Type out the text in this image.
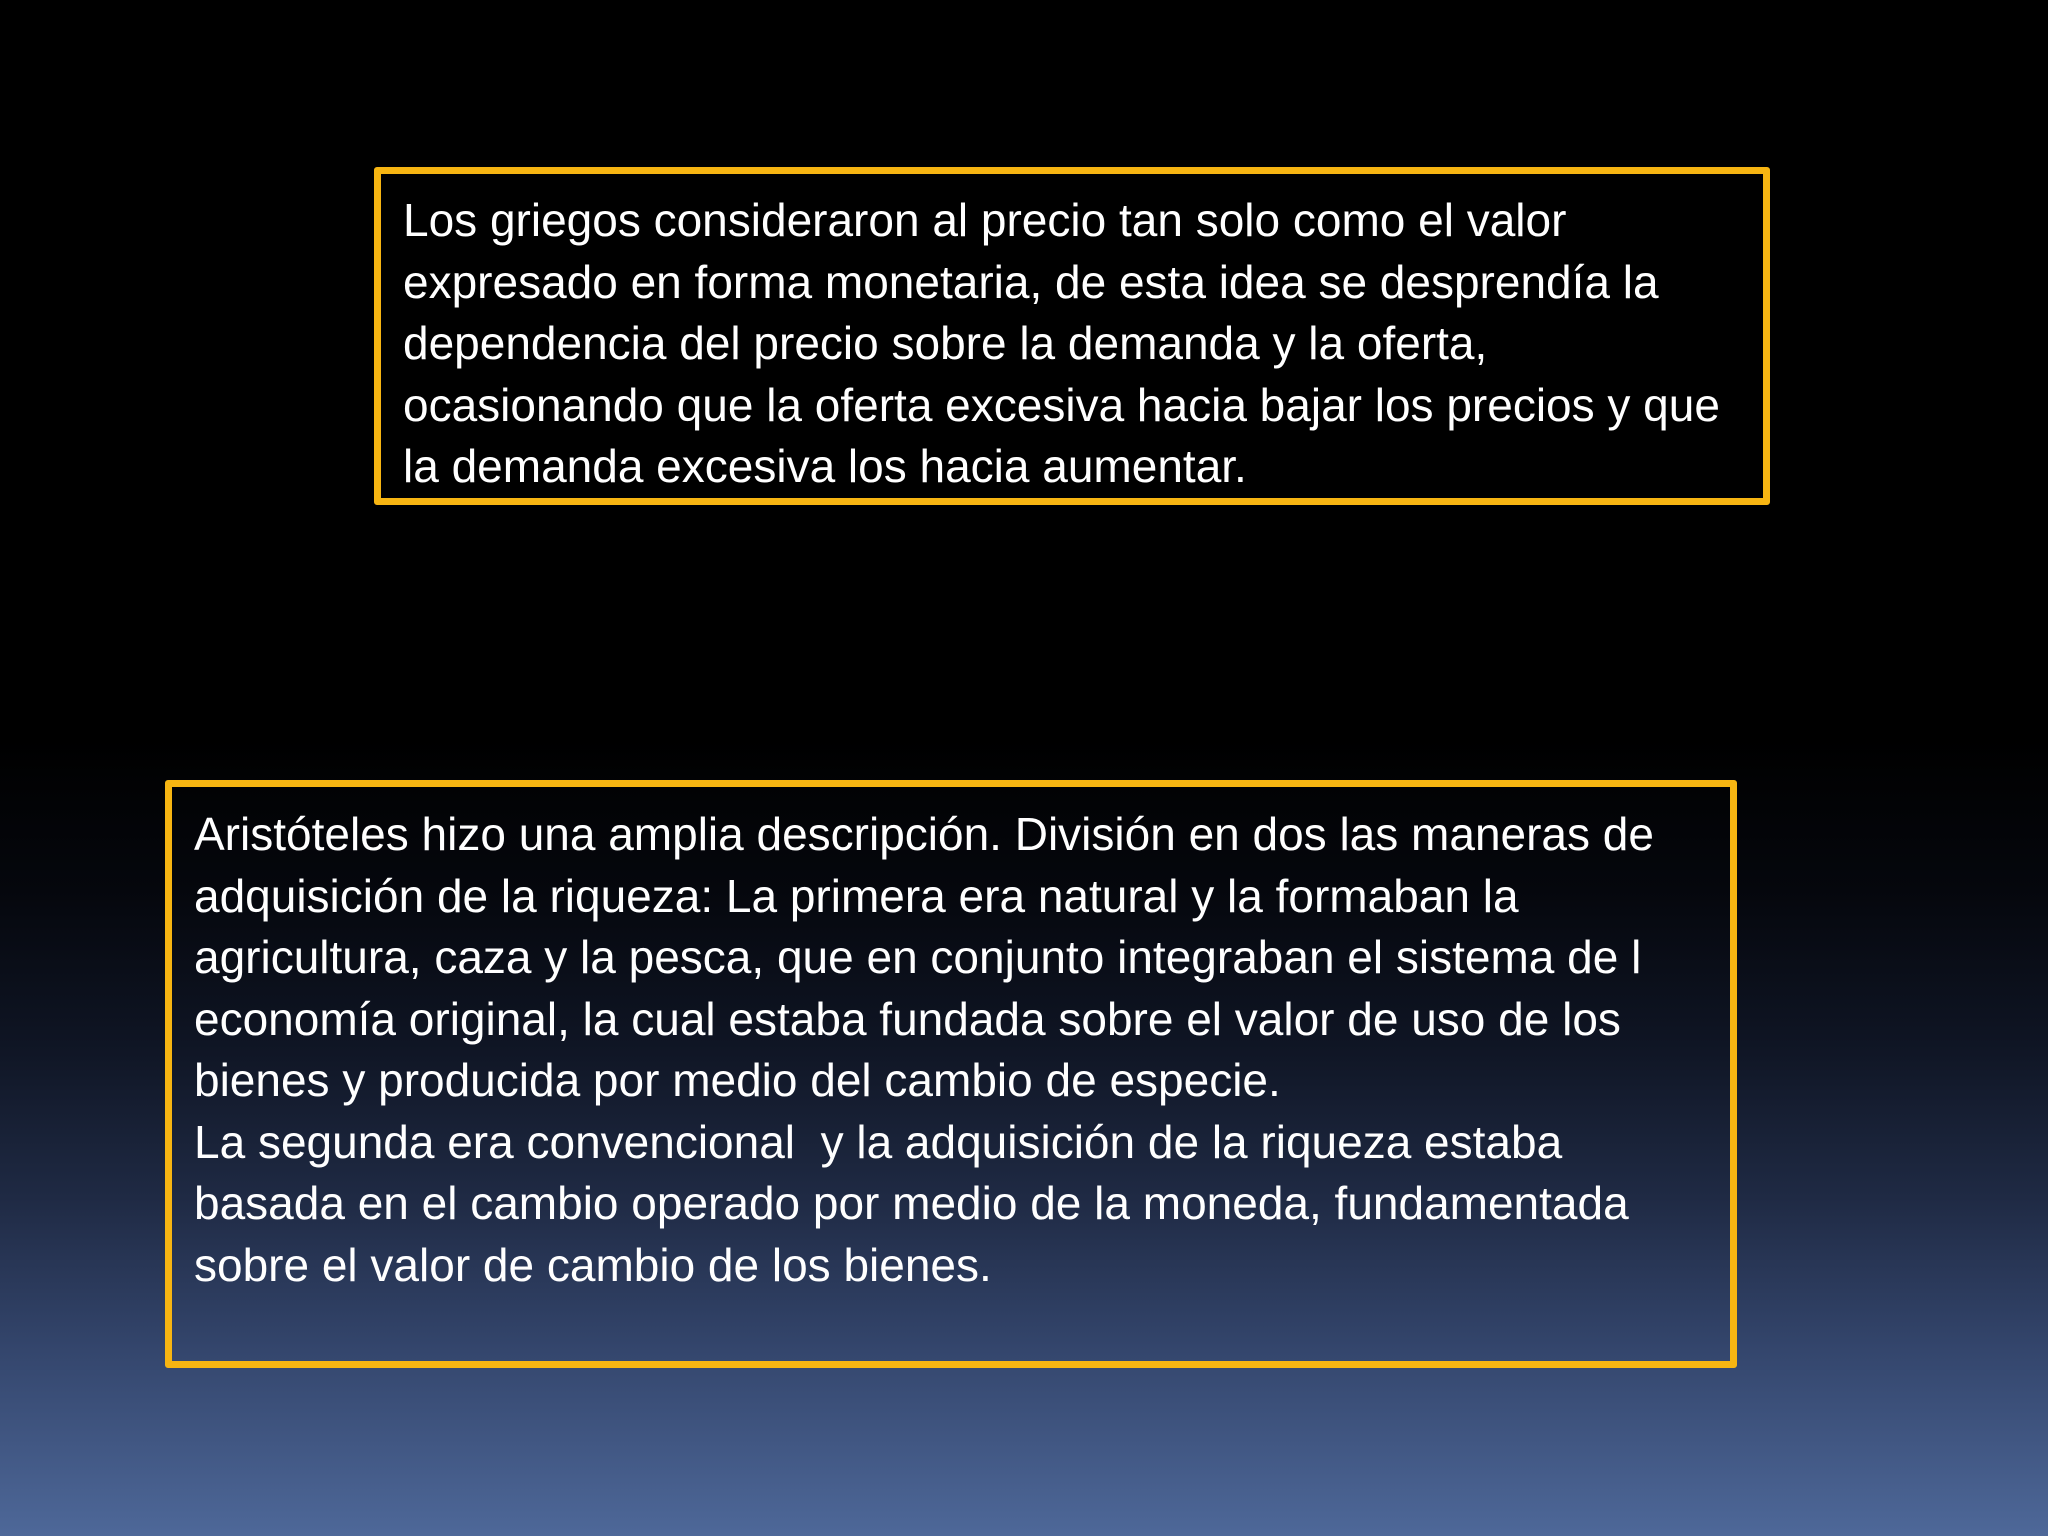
Los griegos consideraron al precio tan solo como el valor expresado en forma monetaria, de esta idea se desprendía la dependencia del precio sobre la demanda y la oferta, ocasionando que la oferta excesiva hacia bajar los precios y que la demanda excesiva los hacia aumentar.

Aristóteles hizo una amplia descripción. División en dos las maneras de adquisición de la riqueza: La primera era natural y la formaban la agricultura, caza y la pesca, que en conjunto integraban el sistema de l economía original, la cual estaba fundada sobre el valor de uso de los bienes y producida por medio del cambio de especie.

La segunda era convencional  y la adquisición de la riqueza estaba basada en el cambio operado por medio de la moneda, fundamentada sobre el valor de cambio de los bienes.
